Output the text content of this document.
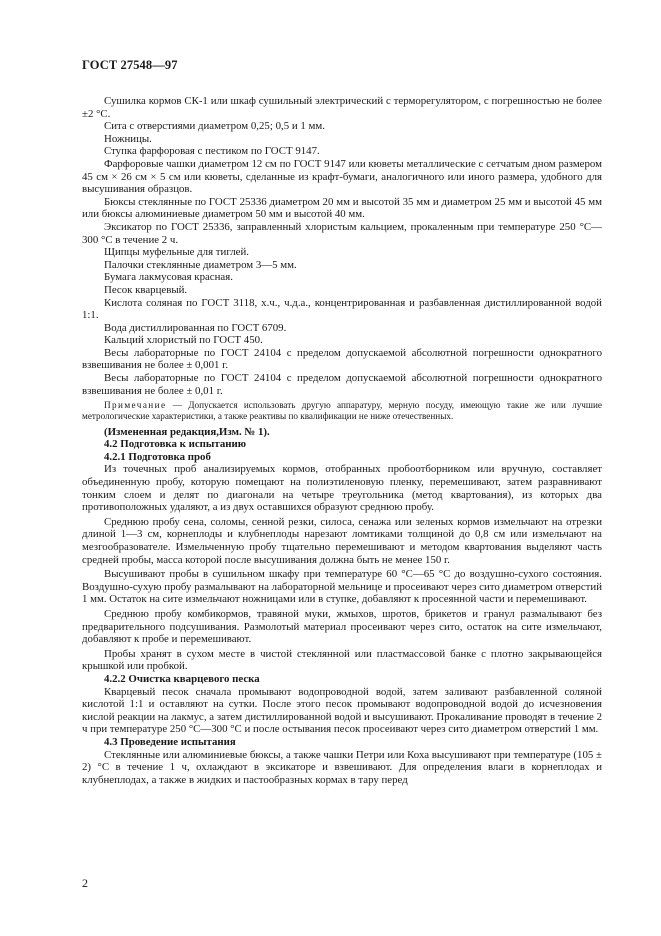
ГОСТ 27548—97

Сушилка кормов СК-1 или шкаф сушильный электрический с терморегулятором, с погрешностью не более ±2 °С.

Сита с отверстиями диаметром 0,25; 0,5 и 1 мм.

Ножницы.

Ступка фарфоровая с пестиком по ГОСТ 9147.

Фарфоровые чашки диаметром 12 см по ГОСТ 9147 или кюветы металлические с сетчатым дном размером 45 см × 26 см × 5 см или кюветы, сделанные из крафт-бумаги, аналогичного или иного размера, удобного для высушивания образцов.

Бюксы стеклянные по ГОСТ 25336 диаметром 20 мм и высотой 35 мм и диаметром 25 мм и высотой 45 мм или бюксы алюминиевые диаметром 50 мм и высотой 40 мм.

Эксикатор по ГОСТ 25336, заправленный хлористым кальцием, прокаленным при температуре 250 °С—300 °С в течение 2 ч.

Щипцы муфельные для тиглей.

Палочки стеклянные диаметром 3—5 мм.

Бумага лакмусовая красная.

Песок кварцевый.

Кислота соляная по ГОСТ 3118, х.ч., ч.д.а., концентрированная и разбавленная дистиллированной водой 1:1.

Вода дистиллированная по ГОСТ 6709.

Кальций хлористый по ГОСТ 450.

Весы лабораторные по ГОСТ 24104 с пределом допускаемой абсолютной погрешности однократного взвешивания не более ± 0,001 г.

Весы лабораторные по ГОСТ 24104 с пределом допускаемой абсолютной погрешности однократного взвешивания не более ± 0,01 г.

Примечание — Допускается использовать другую аппаратуру, мерную посуду, имеющую такие же или лучшие метрологические характеристики, а также реактивы по квалификации не ниже отечественных.

(Измененная редакция,Изм. № 1).

4.2 Подготовка к испытанию
4.2.1 Подготовка проб

Из точечных проб анализируемых кормов, отобранных пробоотборником или вручную, составляет объединенную пробу, которую помещают на полиэтиленовую пленку, перемешивают, затем разравнивают тонким слоем и делят по диагонали на четыре треугольника (метод квартования), из которых два противоположных удаляют, а из двух оставшихся образуют среднюю пробу.

Среднюю пробу сена, соломы, сенной резки, силоса, сенажа или зеленых кормов измельчают на отрезки длиной 1—3 см, корнеплоды и клубнеплоды нарезают ломтиками толщиной до 0,8 см или измельчают на мезгообразователе. Измельченную пробу тщательно перемешивают и методом квартования выделяют часть средней пробы, масса которой после высушивания должна быть не менее 150 г.

Высушивают пробы в сушильном шкафу при температуре 60 °С—65 °С до воздушно-сухого состояния. Воздушно-сухую пробу размалывают на лабораторной мельнице и просеивают через сито диаметром отверстий 1 мм. Остаток на сите измельчают ножницами или в ступке, добавляют к просеянной части и перемешивают.

Среднюю пробу комбикормов, травяной муки, жмыхов, шротов, брикетов и гранул размалывают без предварительного подсушивания. Размолотый материал просеивают через сито, остаток на сите измельчают, добавляют к пробе и перемешивают.

Пробы хранят в сухом месте в чистой стеклянной или пластмассовой банке с плотно закрывающейся крышкой или пробкой.

4.2.2 Очистка кварцевого песка

Кварцевый песок сначала промывают водопроводной водой, затем заливают разбавленной соляной кислотой 1:1 и оставляют на сутки. После этого песок промывают водопроводной водой до исчезновения кислой реакции на лакмус, а затем дистиллированной водой и высушивают. Прокаливание проводят в течение 2 ч при температуре 250 °С—300 °С и после остывания песок просеивают через сито диаметром отверстий 1 мм.

4.3 Проведение испытания

Стеклянные или алюминиевые бюксы, а также чашки Петри или Коха высушивают при температуре (105 ± 2) °С в течение 1 ч, охлаждают в эксикаторе и взвешивают. Для определения влаги в корнеплодах и клубнеплодах, а также в жидких и пастообразных кормах в тару перед

2
